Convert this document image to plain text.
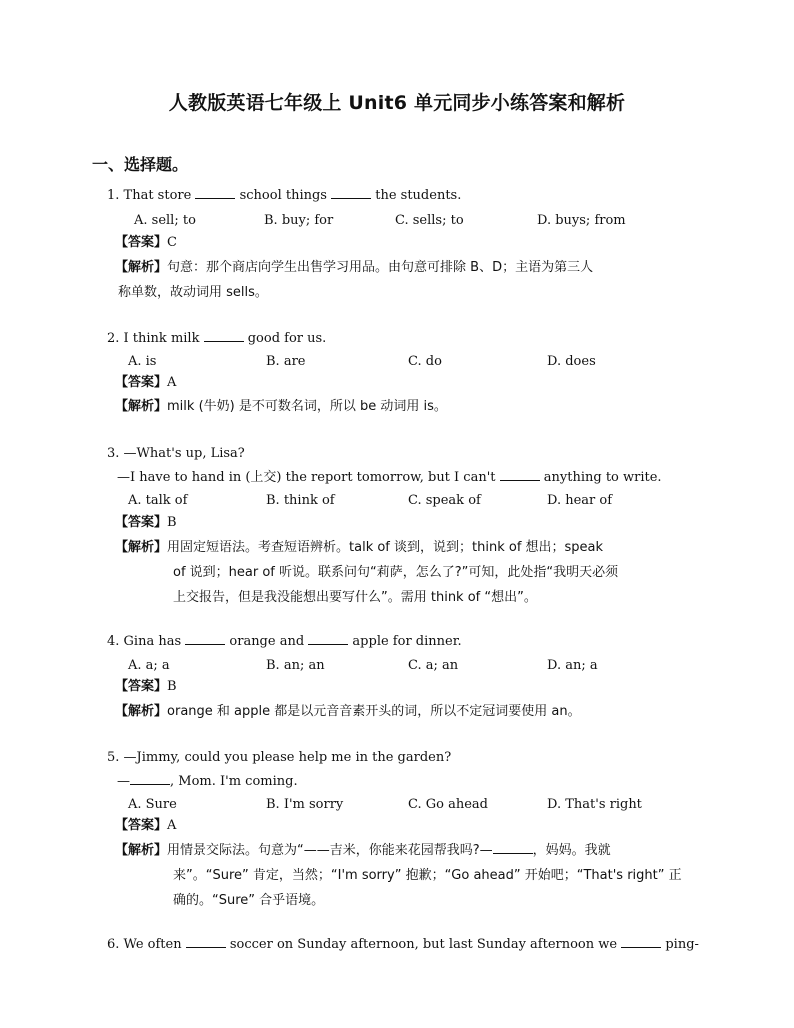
人教版英语七年级上 Unit6 单元同步小练答案和解析
一、选择题。
1. That store	school things	the students.
A. sell; to	B. buy; for	C. sells; to	D. buys; from
【答案】C
【解析】句意：那个商店向学生出售学习用品。由句意可排除 B、D；主语为第三人
称单数，故动词用 sells。
2. I think milk	good for us.
A. is	B. are	C. do	D. does
【答案】A
【解析】milk (牛奶) 是不可数名词，所以 be 动词用 is。
3. —What's up, Lisa?
—I have to hand in (上交) the report tomorrow, but I can't	anything to write.
A. talk of	B. think of	C. speak of	D. hear of
【答案】B
【解析】用固定短语法。考查短语辨析。talk of 谈到，说到；think of 想出；speak
of 说到；hear of 听说。联系问句“莉萨，怎么了?”可知，此处指“我明天必须
上交报告，但是我没能想出要写什么”。需用 think of “想出”。
4. Gina has	orange and	apple for dinner.
A. a; a	B. an; an	C. a; an	D. an; a
【答案】B
【解析】orange 和 apple 都是以元音音素开头的词，所以不定冠词要使用 an。
5. —Jimmy, could you please help me in the garden?
—	, Mom. I'm coming.
A. Sure	B. I'm sorry	C. Go ahead	D. That's right
【答案】A
【解析】用情景交际法。句意为“——吉米，你能来花园帮我吗?—	，妈妈。我就
来”。“Sure” 肯定，当然；“I'm sorry” 抱歉；“Go ahead” 开始吧；“That's right” 正
确的。“Sure” 合乎语境。
6. We often	soccer on Sunday afternoon, but last Sunday afternoon we	ping-
